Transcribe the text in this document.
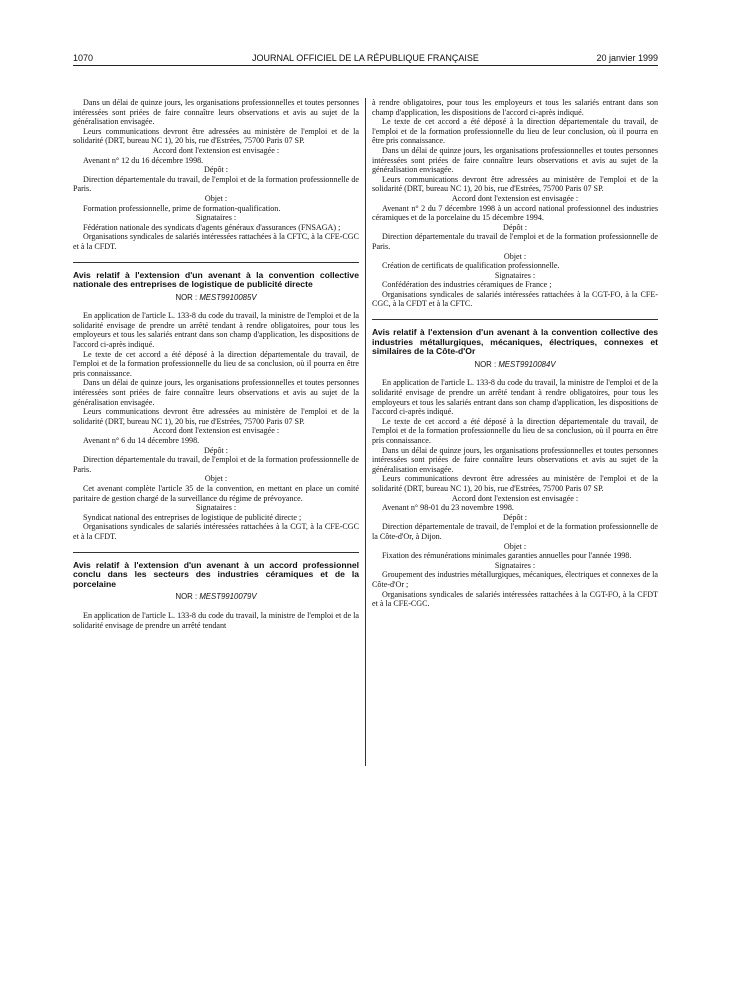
1070	JOURNAL OFFICIEL DE LA RÉPUBLIQUE FRANÇAISE	20 janvier 1999

Dans un délai de quinze jours, les organisations professionnelles et toutes personnes intéressées sont priées de faire connaître leurs observations et avis au sujet de la généralisation envisagée.

Leurs communications devront être adressées au ministère de l'emploi et de la solidarité (DRT, bureau NC 1), 20 bis, rue d'Estrées, 75700 Paris 07 SP.

Accord dont l'extension est envisagée :

Avenant n° 12 du 16 décembre 1998.

Dépôt :

Direction départementale du travail, de l'emploi et de la formation professionnelle de Paris.

Objet :

Formation professionnelle, prime de formation-qualification.

Signataires :

Fédération nationale des syndicats d'agents généraux d'assurances (FNSAGA) ;

Organisations syndicales de salariés intéressées rattachées à la CFTC, à la CFE-CGC et à la CFDT.

Avis relatif à l'extension d'un avenant à la convention collective nationale des entreprises de logistique de publicité directe

NOR : MESТ9910085V

En application de l'article L. 133-8 du code du travail, la ministre de l'emploi et de la solidarité envisage de prendre un arrêté tendant à rendre obligatoires, pour tous les employeurs et tous les salariés entrant dans son champ d'application, les dispositions de l'accord ci-après indiqué.

Le texte de cet accord a été déposé à la direction départementale du travail, de l'emploi et de la formation professionnelle du lieu de sa conclusion, où il pourra en être pris connaissance.

Dans un délai de quinze jours, les organisations professionnelles et toutes personnes intéressées sont priées de faire connaître leurs observations et avis au sujet de la généralisation envisagée.

Leurs communications devront être adressées au ministère de l'emploi et de la solidarité (DRT, bureau NC 1), 20 bis, rue d'Estrées, 75700 Paris 07 SP.

Accord dont l'extension est envisagée :

Avenant n° 6 du 14 décembre 1998.

Dépôt :

Direction départementale du travail, de l'emploi et de la formation professionnelle de Paris.

Objet :

Cet avenant complète l'article 35 de la convention, en mettant en place un comité paritaire de gestion chargé de la surveillance du régime de prévoyance.

Signataires :

Syndicat national des entreprises de logistique de publicité directe ;

Organisations syndicales de salariés intéressées rattachées à la CGT, à la CFE-CGC et à la CFDT.

Avis relatif à l'extension d'un avenant à un accord professionnel conclu dans les secteurs des industries céramiques et de la porcelaine

NOR : MEST9910079V

En application de l'article L. 133-8 du code du travail, la ministre de l'emploi et de la solidarité envisage de prendre un arrêté tendant

à rendre obligatoires, pour tous les employeurs et tous les salariés entrant dans son champ d'application, les dispositions de l'accord ci-après indiqué.

Le texte de cet accord a été déposé à la direction départementale du travail, de l'emploi et de la formation professionnelle du lieu de leur conclusion, où il pourra en être pris connaissance.

Dans un délai de quinze jours, les organisations professionnelles et toutes personnes intéressées sont priées de faire connaître leurs observations et avis au sujet de la généralisation envisagée.

Leurs communications devront être adressées au ministère de l'emploi et de la solidarité (DRT, bureau NC 1), 20 bis, rue d'Estrées, 75700 Paris 07 SP.

Accord dont l'extension est envisagée :

Avenant n° 2 du 7 décembre 1998 à un accord national professionnel des industries céramiques et de la porcelaine du 15 décembre 1994.

Dépôt :

Direction départementale du travail de l'emploi et de la formation professionnelle de Paris.

Objet :

Création de certificats de qualification professionnelle.

Signataires :

Confédération des industries céramiques de France ;

Organisations syndicales de salariés intéressées rattachées à la CGT-FO, à la CFE-CGC, à la CFDT et à la CFTC.

Avis relatif à l'extension d'un avenant à la convention collective des industries métallurgiques, mécaniques, électriques, connexes et similaires de la Côte-d'Or

NOR : MEST9910084V

En application de l'article L. 133-8 du code du travail, la ministre de l'emploi et de la solidarité envisage de prendre un arrêté tendant à rendre obligatoires, pour tous les employeurs et tous les salariés entrant dans son champ d'application, les dispositions de l'accord ci-après indiqué.

Le texte de cet accord a été déposé à la direction départementale du travail, de l'emploi et de la formation professionnelle du lieu de sa conclusion, où il pourra en être pris connaissance.

Dans un délai de quinze jours, les organisations professionnelles et toutes personnes intéressées sont priées de faire connaître leurs observations et avis au sujet de la généralisation envisagée.

Leurs communications devront être adressées au ministère de l'emploi et de la solidarité (DRT, bureau NC 1), 20 bis, rue d'Estrées, 75700 Paris 07 SP.

Accord dont l'extension est envisagée :

Avenant n° 98-01 du 23 novembre 1998.

Dépôt :

Direction départementale de travail, de l'emploi et de la formation professionnelle de la Côte-d'Or, à Dijon.

Objet :

Fixation des rémunérations minimales garanties annuelles pour l'année 1998.

Signataires :

Groupement des industries métallurgiques, mécaniques, électriques et connexes de la Côte-d'Or ;

Organisations syndicales de salariés intéressées rattachées à la CGT-FO, à la CFDT et à la CFE-CGC.
